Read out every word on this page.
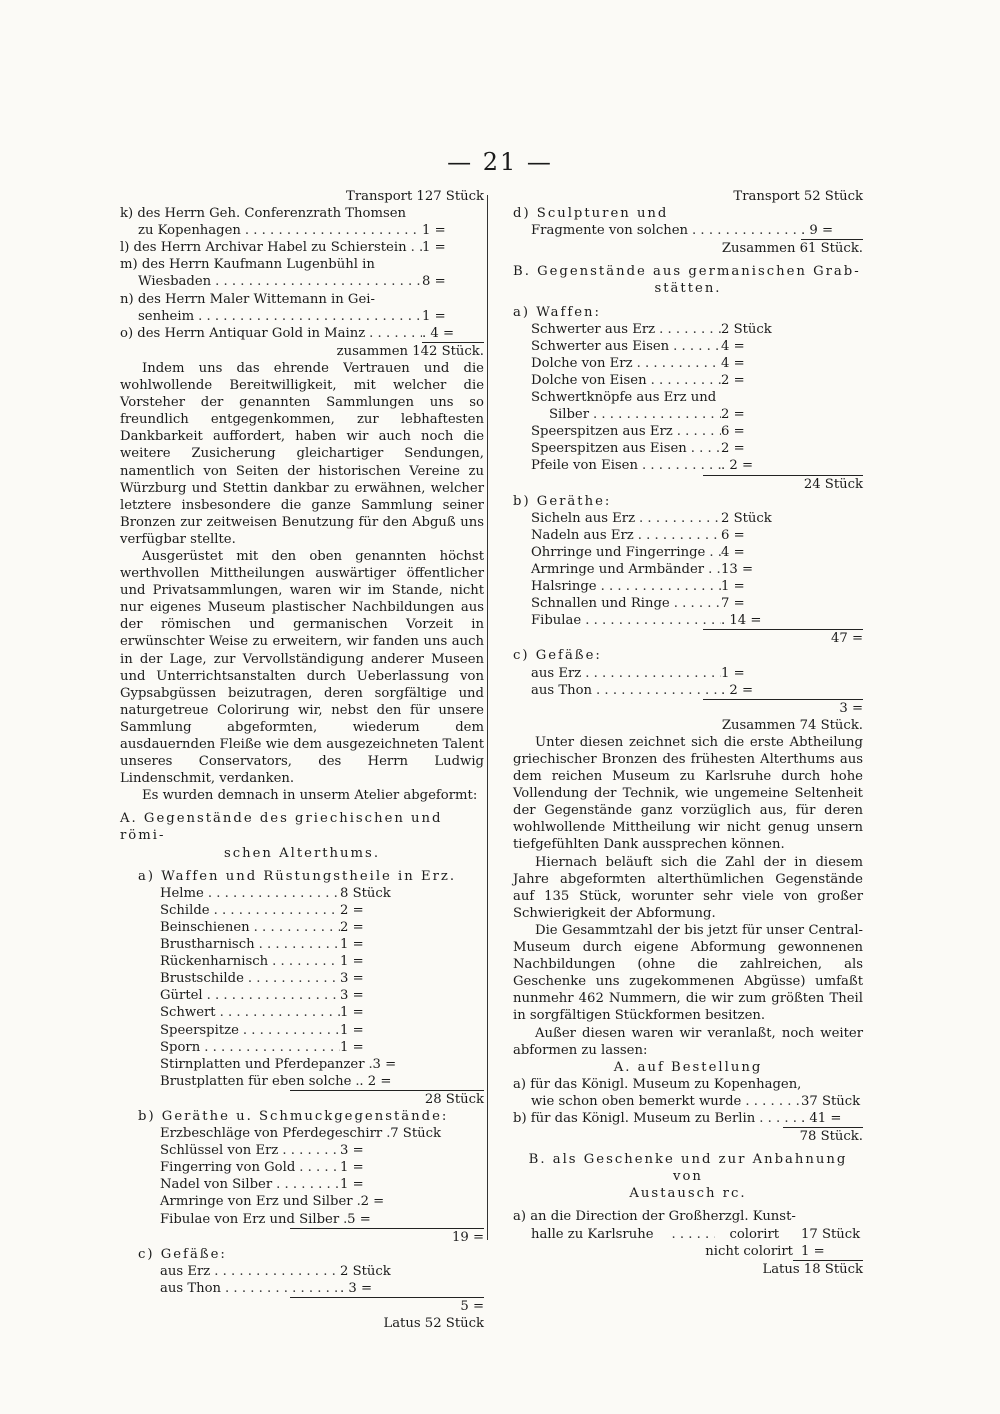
— 21 —
Transport 127 Stück
k) des Herrn Geh. Conferenzrath Thomsen
zu Kopenhagen . . .	1 =
l) des Herrn Archivar Habel zu Schierstein . . . 1 =
m) des Herrn Kaufmann Lugenbühl in
Wiesbaden . . .	8 =
n) des Herrn Maler Wittemann in Gei-
senheim . . .	1 =
o) des Herrn Antiquar Gold in Mainz . . .	. 4 =
zusammen 142 Stück.
Indem uns das ehrende Vertrauen und die wohlwollende Bereitwilligkeit, mit welcher die Vorsteher der genannten Sammlungen uns so freundlich entgegenkommen, zur lebhaftesten Dankbarkeit auffordert, haben wir auch noch die weitere Zusicherung gleichartiger Sendungen, namentlich von Seiten der historischen Vereine zu Würzburg und Stettin dankbar zu erwähnen, welcher letztere insbesondere die ganze Sammlung seiner Bronzen zur zeitweisen Benutzung für den Abguß uns verfügbar stellte.
Ausgerüstet mit den oben genannten höchst werthvollen Mittheilungen auswärtiger öffentlicher und Privatsammlungen, waren wir im Stande, nicht nur eigenes Museum plastischer Nachbildungen aus der römischen und germanischen Vorzeit in erwünschter Weise zu erweitern, wir fanden uns auch in der Lage, zur Vervollständigung anderer Museen und Unterrichtsanstalten durch Ueberlassung von Gypsabgüssen beizutragen, deren sorgfältige und naturgetreue Colorirung wir, nebst den für unsere Sammlung abgeformten, wiederum dem ausdauernden Fleiße wie dem ausgezeichneten Talent unseres Conservators, des Herrn Ludwig Lindenschmit, verdanken.
Es wurden demnach in unserm Atelier abgeformt:
A. Gegenstände des griechischen und römi-
schen Alterthums.
a) Waffen und Rüstungstheile in Erz.
Helme . . .	8 Stück
Schilde . . .	2 =
Beinschienen . . .	2 =
Brustharnisch . . .	1 =
Rückenharnisch . . .	1 =
Brustschilde . . .	3 =
Gürtel . . .	3 =
Schwert . . .	1 =
Speerspitze . . .	1 =
Sporn . . .	1 =
Stirnplatten und Pferdepanzer . . . 3 =
Brustplatten für eben solche . . . . 2 =
28 Stück
b) Geräthe u. Schmuckgegenstände:
Erzbeschläge von Pferdegeschirr . . . 7 Stück
Schlüssel von Erz . . .	3 =
Fingerring von Gold . . .	1 =
Nadel von Silber . . .	1 =
Armringe von Erz und Silber . . . 2 =
Fibulae von Erz und Silber . . . 5 =
19 =
c) Gefäße:
aus Erz . . .	2 Stück
aus Thon . . .	. 3 =
5 =
Latus 52 Stück
Transport 52 Stück
d) Sculpturen und
Fragmente von solchen . . .	. 9 =
Zusammen 61 Stück.
B. Gegenstände aus germanischen Grab-
stätten.
a) Waffen:
Schwerter aus Erz . . .	2 Stück
Schwerter aus Eisen . . .	4 =
Dolche von Erz . . .	4 =
Dolche von Eisen . . .	2 =
Schwertknöpfe aus Erz und
Silber . . .	2 =
Speerspitzen aus Erz . . .	6 =
Speerspitzen aus Eisen . . .	2 =
Pfeile von Eisen . . .	. 2 =
24 Stück
b) Geräthe:
Sicheln aus Erz . . .	2 Stück
Nadeln aus Erz . . .	6 =
Ohrringe und Fingerringe . . . 4 =
Armringe und Armbänder . . . 13 =
Halsringe . . .	1 =
Schnallen und Ringe . . .	7 =
Fibulae . . .	. 14 =
47 =
c) Gefäße:
aus Erz . . .	1 =
aus Thon . . .	. 2 =
3 =
Zusammen 74 Stück.
Unter diesen zeichnet sich die erste Abtheilung griechischer Bronzen des frühesten Alterthums aus dem reichen Museum zu Karlsruhe durch hohe Vollendung der Technik, wie ungemeine Seltenheit der Gegenstände ganz vorzüglich aus, für deren wohlwollende Mittheilung wir nicht genug unsern tiefgefühlten Dank aussprechen können.
Hiernach beläuft sich die Zahl der in diesem Jahre abgeformten alterthümlichen Gegenstände auf 135 Stück, worunter sehr viele von großer Schwierigkeit der Abformung.
Die Gesammtzahl der bis jetzt für unser Central-Museum durch eigene Abformung gewonnenen Nachbildungen (ohne die zahlreichen, als Geschenke uns zugekommenen Abgüsse) umfaßt nunmehr 462 Nummern, die wir zum größten Theil in sorgfältigen Stückformen besitzen.
Außer diesen waren wir veranlaßt, noch weiter abformen zu lassen:
A. auf Bestellung
a) für das Königl. Museum zu Kopenhagen,
wie schon oben bemerkt wurde . . .	37 Stück
b) für das Königl. Museum zu Berlin . . .	. 41 =
78 Stück.
B. als Geschenke und zur Anbahnung von
Austausch rc.
a) an die Direction der Großherzgl. Kunst-
halle zu Karlsruhe . . .	colorirt	17 Stück
nicht colorirt 1 =
Latus 18 Stück
